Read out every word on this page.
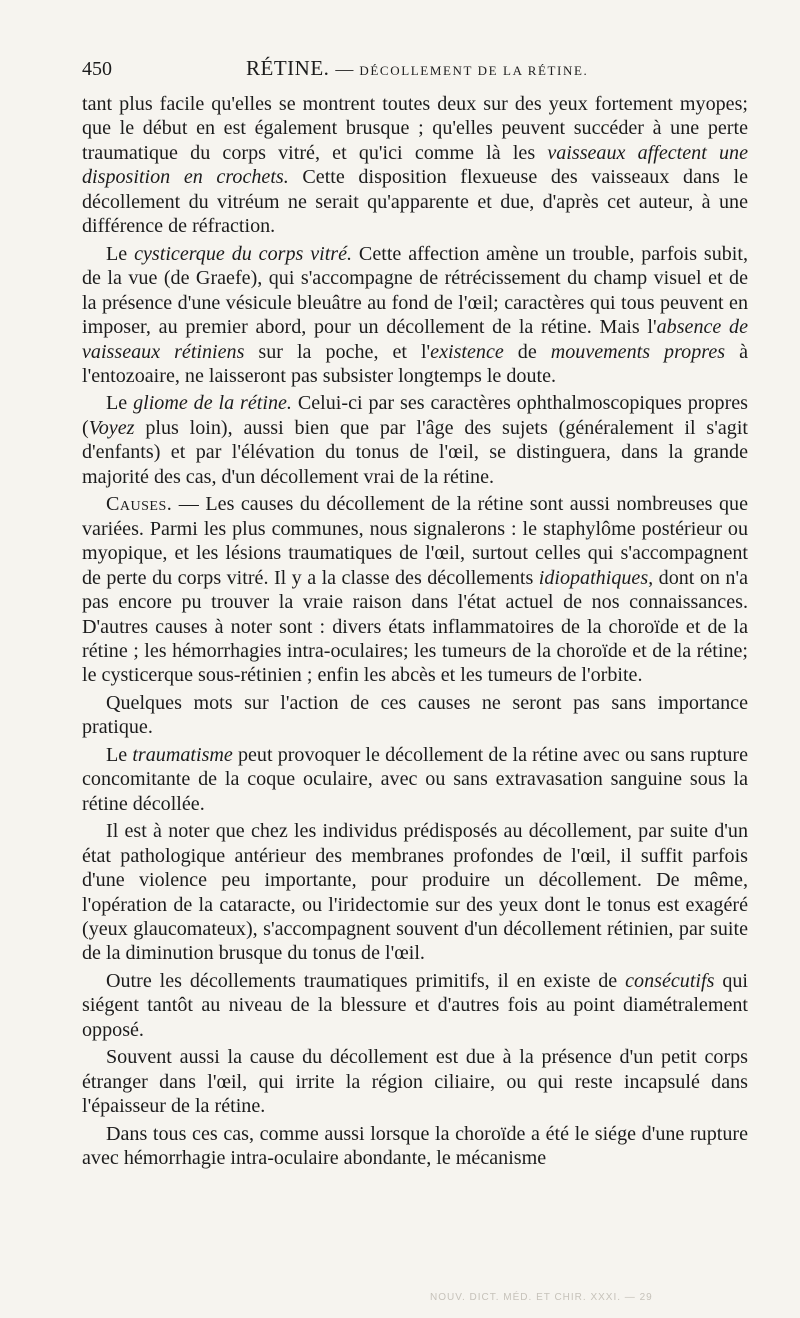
450	RÉTINE. — DÉCOLLEMENT DE LA RÉTINE.

tant plus facile qu'elles se montrent toutes deux sur des yeux fortement myopes; que le début en est également brusque ; qu'elles peuvent succéder à une perte traumatique du corps vitré, et qu'ici comme là les vaisseaux affectent une disposition en crochets. Cette disposition flexueuse des vaisseaux dans le décollement du vitréum ne serait qu'apparente et due, d'après cet auteur, à une différence de réfraction.

Le cysticerque du corps vitré. Cette affection amène un trouble, parfois subit, de la vue (de Graefe), qui s'accompagne de rétrécissement du champ visuel et de la présence d'une vésicule bleuâtre au fond de l'œil; caractères qui tous peuvent en imposer, au premier abord, pour un décollement de la rétine. Mais l'absence de vaisseaux rétiniens sur la poche, et l'existence de mouvements propres à l'entozoaire, ne laisseront pas subsister longtemps le doute.

Le gliome de la rétine. Celui-ci par ses caractères ophthalmoscopiques propres (Voyez plus loin), aussi bien que par l'âge des sujets (généralement il s'agit d'enfants) et par l'élévation du tonus de l'œil, se distinguera, dans la grande majorité des cas, d'un décollement vrai de la rétine.

Causes. — Les causes du décollement de la rétine sont aussi nombreuses que variées. Parmi les plus communes, nous signalerons : le staphylôme postérieur ou myopique, et les lésions traumatiques de l'œil, surtout celles qui s'accompagnent de perte du corps vitré. Il y a la classe des décollements idiopathiques, dont on n'a pas encore pu trouver la vraie raison dans l'état actuel de nos connaissances. D'autres causes à noter sont : divers états inflammatoires de la choroïde et de la rétine ; les hémorrhagies intra-oculaires; les tumeurs de la choroïde et de la rétine; le cysticerque sous-rétinien ; enfin les abcès et les tumeurs de l'orbite.

Quelques mots sur l'action de ces causes ne seront pas sans importance pratique.

Le traumatisme peut provoquer le décollement de la rétine avec ou sans rupture concomitante de la coque oculaire, avec ou sans extravasation sanguine sous la rétine décollée.

Il est à noter que chez les individus prédisposés au décollement, par suite d'un état pathologique antérieur des membranes profondes de l'œil, il suffit parfois d'une violence peu importante, pour produire un décollement. De même, l'opération de la cataracte, ou l'iridectomie sur des yeux dont le tonus est exagéré (yeux glaucomateux), s'accompagnent souvent d'un décollement rétinien, par suite de la diminution brusque du tonus de l'œil.

Outre les décollements traumatiques primitifs, il en existe de consécutifs qui siégent tantôt au niveau de la blessure et d'autres fois au point diamétralement opposé.

Souvent aussi la cause du décollement est due à la présence d'un petit corps étranger dans l'œil, qui irrite la région ciliaire, ou qui reste incapsulé dans l'épaisseur de la rétine.

Dans tous ces cas, comme aussi lorsque la choroïde a été le siége d'une rupture avec hémorrhagie intra-oculaire abondante, le mécanisme

NOUV. DICT. MÉD. ET CHIR. XXXI. — 29
